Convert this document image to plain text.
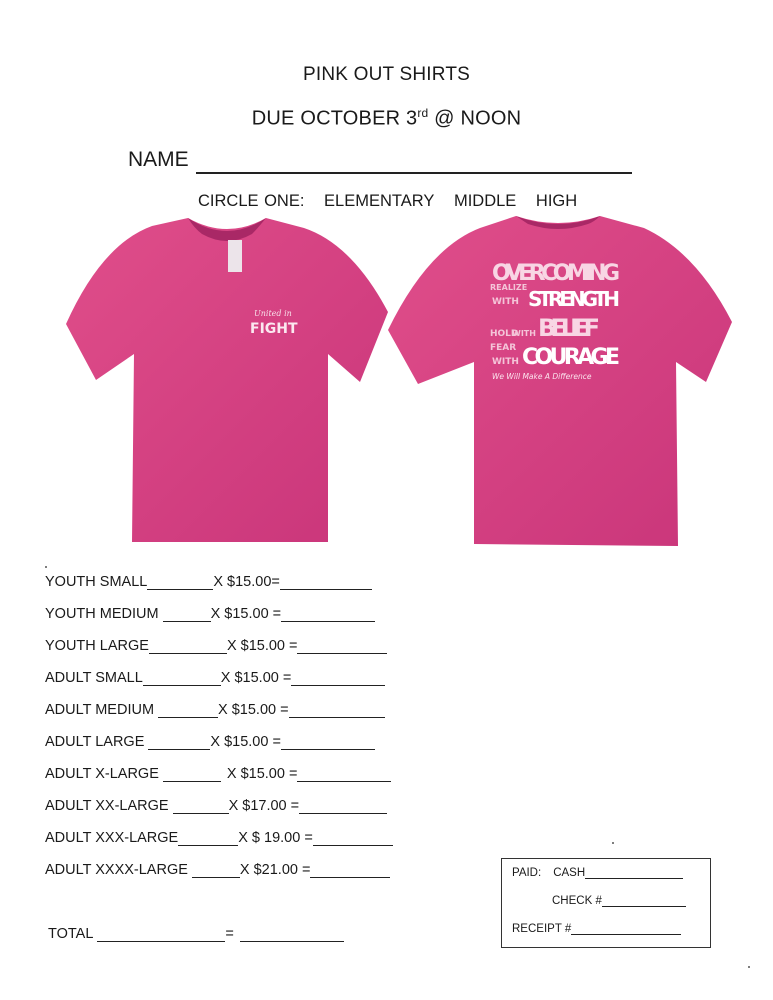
PINK OUT SHIRTS
DUE OCTOBER 3rd @ NOON
NAME
CIRCLE ONE: ELEMENTARY MIDDLE HIGH
United in
FIGHT
OVERCOMING
REALIZE
WITH STRENGTH
HOLD
WITH BELIEF
FEAR
WITH COURAGE
We Will Make A Difference
YOUTH SMALL	X $15.00=
YOUTH MEDIUM	X $15.00 =
YOUTH LARGE	X $15.00 =
ADULT SMALL	X $15.00 =
ADULT MEDIUM	X $15.00 =
ADULT LARGE	X $15.00 =
ADULT X-LARGE	X $15.00 =
ADULT XX-LARGE	X $17.00 =
ADULT XXX-LARGE	X $ 19.00 =
ADULT XXXX-LARGE	X $21.00 =
TOTAL	=
PAID: CASH
CHECK #
RECEIPT #
